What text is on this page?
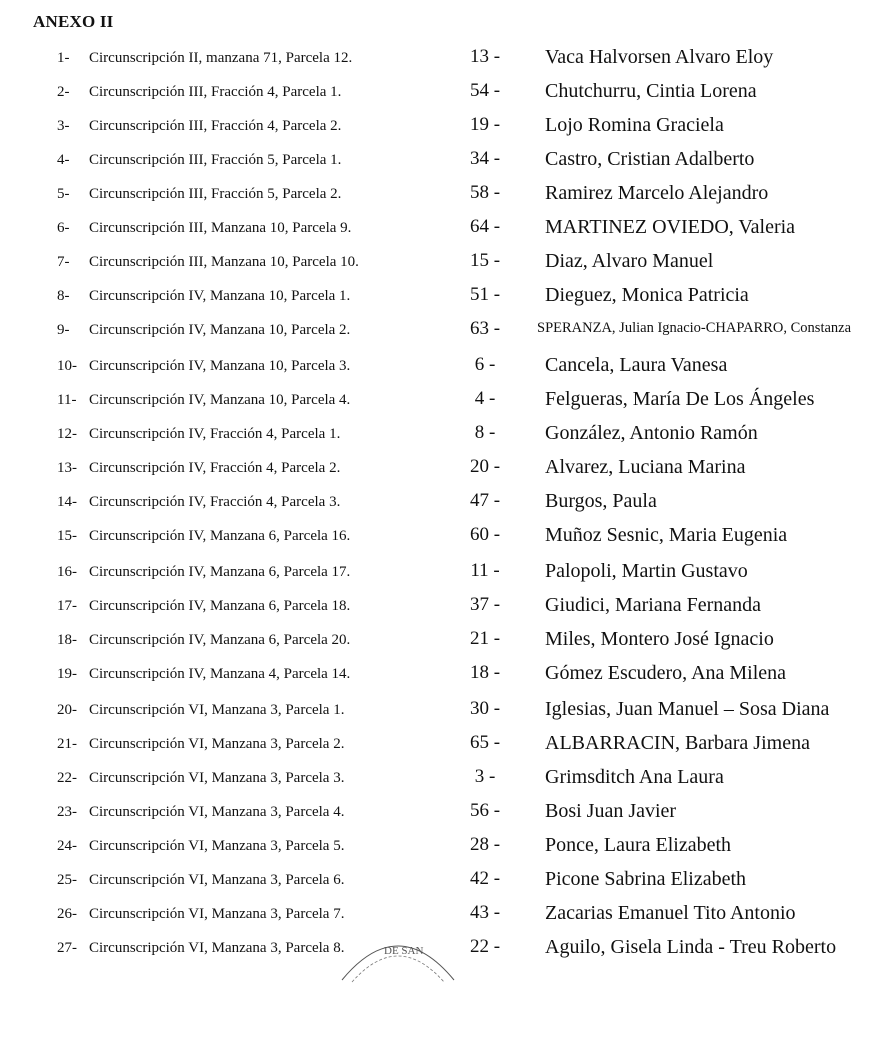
ANEXO II
1-	Circunscripción II, manzana 71, Parcela 12.	13 -	Vaca Halvorsen Alvaro Eloy
2-	Circunscripción III, Fracción 4, Parcela 1.	54 -	Chutchurru, Cintia Lorena
3-	Circunscripción III, Fracción 4, Parcela 2.	19 -	Lojo Romina Graciela
4-	Circunscripción III, Fracción 5, Parcela 1.	34 -	Castro, Cristian Adalberto
5-	Circunscripción III, Fracción 5, Parcela 2.	58 -	Ramirez Marcelo Alejandro
6-	Circunscripción III, Manzana 10, Parcela 9.	64 -	MARTINEZ OVIEDO, Valeria
7-	Circunscripción III, Manzana 10, Parcela 10.	15 -	Diaz, Alvaro Manuel
8-	Circunscripción IV, Manzana 10, Parcela 1.	51 -	Dieguez, Monica Patricia
9-	Circunscripción IV, Manzana 10, Parcela 2.	63 -	SPERANZA, Julian Ignacio-CHAPARRO, Constanza
10- Circunscripción IV, Manzana 10, Parcela 3.	6 -	Cancela, Laura Vanesa
11- Circunscripción IV, Manzana 10, Parcela 4.	4 -	Felgueras, María De Los Ángeles
12- Circunscripción IV, Fracción 4, Parcela 1.	8 -	González, Antonio Ramón
13- Circunscripción IV, Fracción 4, Parcela 2.	20 -	Alvarez, Luciana Marina
14- Circunscripción IV, Fracción 4, Parcela 3.	47 -	Burgos, Paula
15- Circunscripción IV, Manzana 6, Parcela 16.	60 -	Muñoz Sesnic, Maria Eugenia
16- Circunscripción IV, Manzana 6, Parcela 17.	11 -	Palopoli, Martin Gustavo
17- Circunscripción IV, Manzana 6, Parcela 18.	37 -	Giudici, Mariana Fernanda
18- Circunscripción IV, Manzana 6, Parcela 20.	21 -	Miles, Montero José Ignacio
19- Circunscripción IV, Manzana 4, Parcela 14.	18 -	Gómez Escudero, Ana Milena
20- Circunscripción VI, Manzana 3, Parcela 1.	30 -	Iglesias, Juan Manuel – Sosa Diana
21- Circunscripción VI, Manzana 3, Parcela 2.	65 -	ALBARRACIN, Barbara Jimena
22- Circunscripción VI, Manzana 3, Parcela 3.	3 -	Grimsditch Ana Laura
23- Circunscripción VI, Manzana 3, Parcela 4.	56 -	Bosi Juan Javier
24- Circunscripción VI, Manzana 3, Parcela 5.	28 -	Ponce, Laura Elizabeth
25- Circunscripción VI, Manzana 3, Parcela 6.	42 -	Picone Sabrina Elizabeth
26- Circunscripción VI, Manzana 3, Parcela 7.	43 -	Zacarias Emanuel Tito Antonio
27- Circunscripción VI, Manzana 3, Parcela 8.	22 -	Aguilo, Gisela Linda - Treu Roberto
DE SAN
